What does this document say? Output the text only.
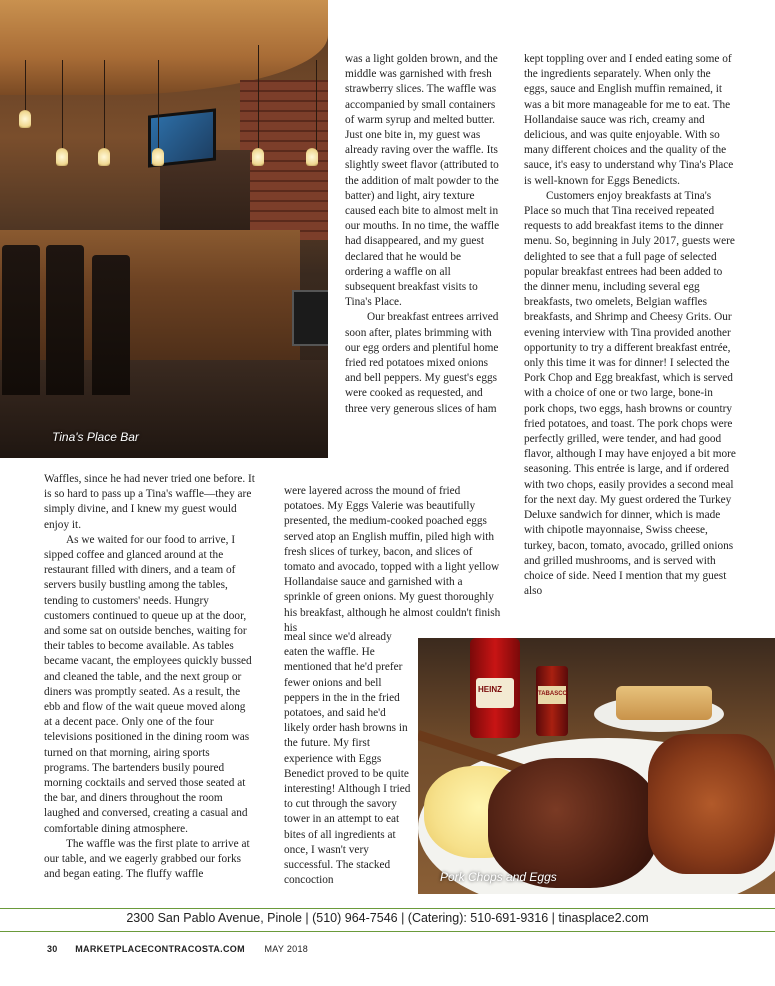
Tina's Place Bar

was a light golden brown, and the middle was garnished with fresh strawberry slices. The waffle was accompanied by small containers of warm syrup and melted butter. Just one bite in, my guest was already raving over the waffle. Its slightly sweet flavor (attributed to the addition of malt powder to the batter) and light, airy texture caused each bite to almost melt in our mouths. In no time, the waffle had disappeared, and my guest declared that he would be ordering a waffle on all subsequent breakfast visits to Tina's Place.

Our breakfast entrees arrived soon after, plates brimming with our egg orders and plentiful home fried red potatoes mixed onions and bell peppers. My guest's eggs were cooked as requested, and three very generous slices of ham

kept toppling over and I ended eating some of the ingredients separately. When only the eggs, sauce and English muffin remained, it was a bit more manageable for me to eat. The Hollandaise sauce was rich, creamy and delicious, and was quite enjoyable. With so many different choices and the quality of the sauce, it's easy to understand why Tina's Place is well-known for Eggs Benedicts.

Customers enjoy breakfasts at Tina's Place so much that Tina received repeated requests to add breakfast items to the dinner menu. So, beginning in July 2017, guests were delighted to see that a full page of selected popular breakfast entrees had been added to the dinner menu, including several egg breakfasts, two omelets, Belgian waffles breakfasts, and Shrimp and Cheesy Grits. Our evening interview with Tina provided another opportunity to try a different breakfast entrée, only this time it was for dinner! I selected the Pork Chop and Egg breakfast, which is served with a choice of one or two large, bone-in pork chops, two eggs, hash browns or country fried potatoes, and toast. The pork chops were perfectly grilled, were tender, and had good flavor, although I may have enjoyed a bit more seasoning. This entrée is large, and if ordered with two chops, easily provides a second meal for the next day. My guest ordered the Turkey Deluxe sandwich for dinner, which is made with chipotle mayonnaise, Swiss cheese, turkey, bacon, tomato, avocado, grilled onions and grilled mushrooms, and is served with choice of side. Need I mention that my guest also

Waffles, since he had never tried one before. It is so hard to pass up a Tina's waffle—they are simply divine, and I knew my guest would enjoy it.

As we waited for our food to arrive, I sipped coffee and glanced around at the restaurant filled with diners, and a team of servers busily bustling among the tables, tending to customers' needs. Hungry customers continued to queue up at the door, and some sat on outside benches, waiting for their tables to become available. As tables became vacant, the employees quickly bussed and cleaned the table, and the next group or diners was promptly seated. As a result, the ebb and flow of the wait queue moved along at a decent pace. Only one of the four televisions positioned in the dining room was turned on that morning, airing sports programs. The bartenders busily poured morning cocktails and served those seated at the bar, and diners throughout the room laughed and conversed, creating a casual and comfortable dining atmosphere.

The waffle was the first plate to arrive at our table, and we eagerly grabbed our forks and began eating. The fluffy waffle

were layered across the mound of fried potatoes. My Eggs Valerie was beautifully presented, the medium-cooked poached eggs served atop an English muffin, piled high with fresh slices of turkey, bacon, and slices of tomato and avocado, topped with a light yellow Hollandaise sauce and garnished with a sprinkle of green onions. My guest thoroughly his breakfast, although he almost couldn't finish his

meal since we'd already eaten the waffle. He mentioned that he'd prefer fewer onions and bell peppers in the in the fried potatoes, and said he'd likely order hash browns in the future. My first experience with Eggs Benedict proved to be quite interesting! Although I tried to cut through the savory tower in an attempt to eat bites of all ingredients at once, I wasn't very successful. The stacked concoction

HEINZ	TABASCO
Pork Chops and Eggs
2300 San Pablo Avenue, Pinole | (510) 964-7546 | (Catering): 510-691-9316 | tinasplace2.com
30 MARKETPLACECONTRACOSTA.COM MAY 2018
